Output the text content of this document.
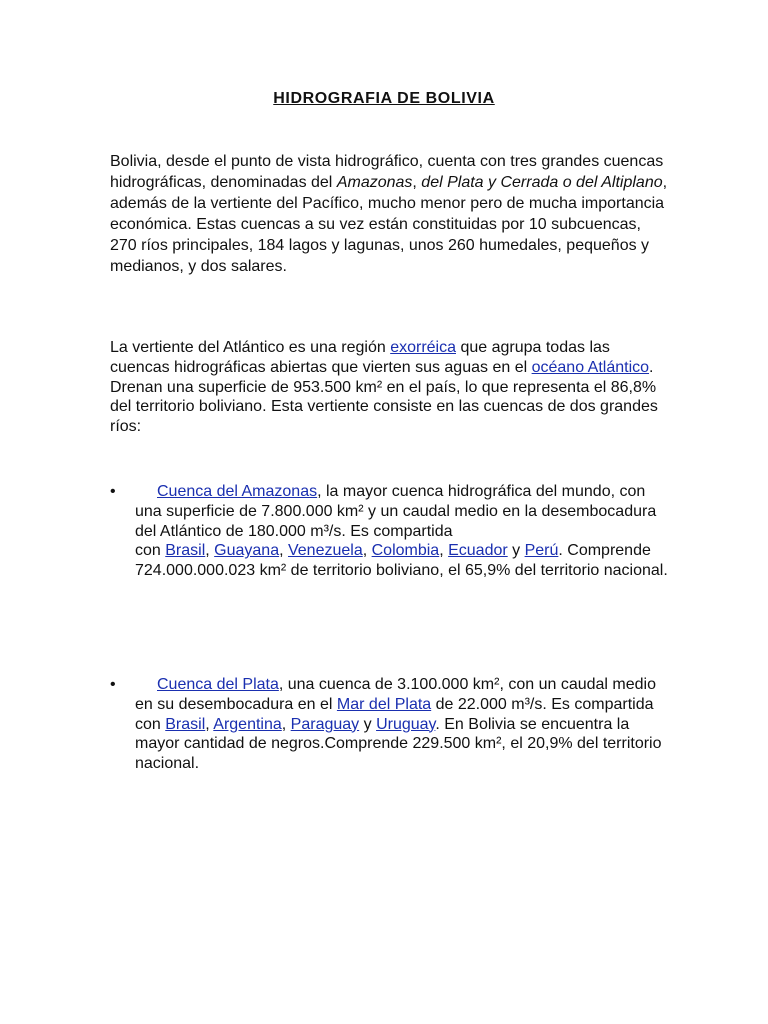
HIDROGRAFIA DE BOLIVIA
Bolivia, desde el punto de vista hidrográfico, cuenta con tres grandes cuencas hidrográficas, denominadas del Amazonas, del Plata y Cerrada o del Altiplano, además de la vertiente del Pacífico, mucho menor pero de mucha importancia económica. Estas cuencas a su vez están constituidas por 10 subcuencas, 270 ríos principales, 184 lagos y lagunas, unos 260 humedales, pequeños y medianos, y dos salares.
La vertiente del Atlántico es una región exorréica que agrupa todas las cuencas hidrográficas abiertas que vierten sus aguas en el océano Atlántico. Drenan una superficie de 953.500 km² en el país, lo que representa el 86,8% del territorio boliviano. Esta vertiente consiste en las cuencas de dos grandes ríos:
•	Cuenca del Amazonas, la mayor cuenca hidrográfica del mundo, con una superficie de 7.800.000 km² y un caudal medio en la desembocadura del Atlántico de 180.000 m³/s. Es compartida
con Brasil, Guayana, Venezuela, Colombia, Ecuador y Perú. Comprende 724.000.000.023 km² de territorio boliviano, el 65,9% del territorio nacional.
•	Cuenca del Plata, una cuenca de 3.100.000 km², con un caudal medio en su desembocadura en el Mar del Plata de 22.000 m³/s. Es compartida
con Brasil, Argentina, Paraguay y Uruguay. En Bolivia se encuentra la mayor cantidad de negros.Comprende 229.500 km², el 20,9% del territorio nacional.
